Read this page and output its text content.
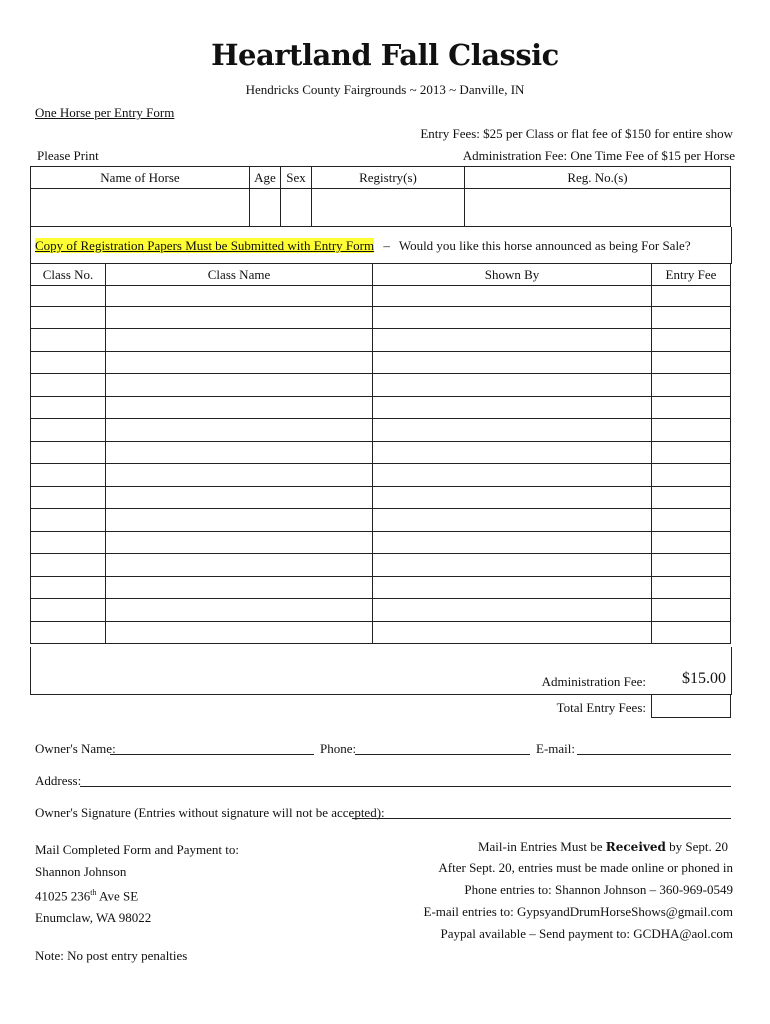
Heartland Fall Classic
Hendricks County Fairgrounds ~ 2013 ~ Danville, IN
One Horse per Entry Form
Entry Fees: $25 per Class or flat fee of $150 for entire show
Please Print	Administration Fee: One Time Fee of $15 per Horse
Name of Horse	Age	Sex	Registry(s)	Reg. No.(s)

Copy of Registration Papers Must be Submitted with Entry Form – Would you like this horse announced as being For Sale?
Class No.	Class Name	Shown By	Entry Fee

Administration Fee:	$15.00
Total Entry Fees:
Owner's Name:	Phone:	E-mail:
Address:
Owner's Signature (Entries without signature will not be accepted):
Mail Completed Form and Payment to:
Shannon Johnson
41025 236th Ave SE
Enumclaw, WA 98022
Mail-in Entries Must be Received by Sept. 20
After Sept. 20, entries must be made online or phoned in
Phone entries to: Shannon Johnson – 360-969-0549
E-mail entries to: GypsyandDrumHorseShows@gmail.com
Paypal available – Send payment to: GCDHA@aol.com
Note: No post entry penalties
